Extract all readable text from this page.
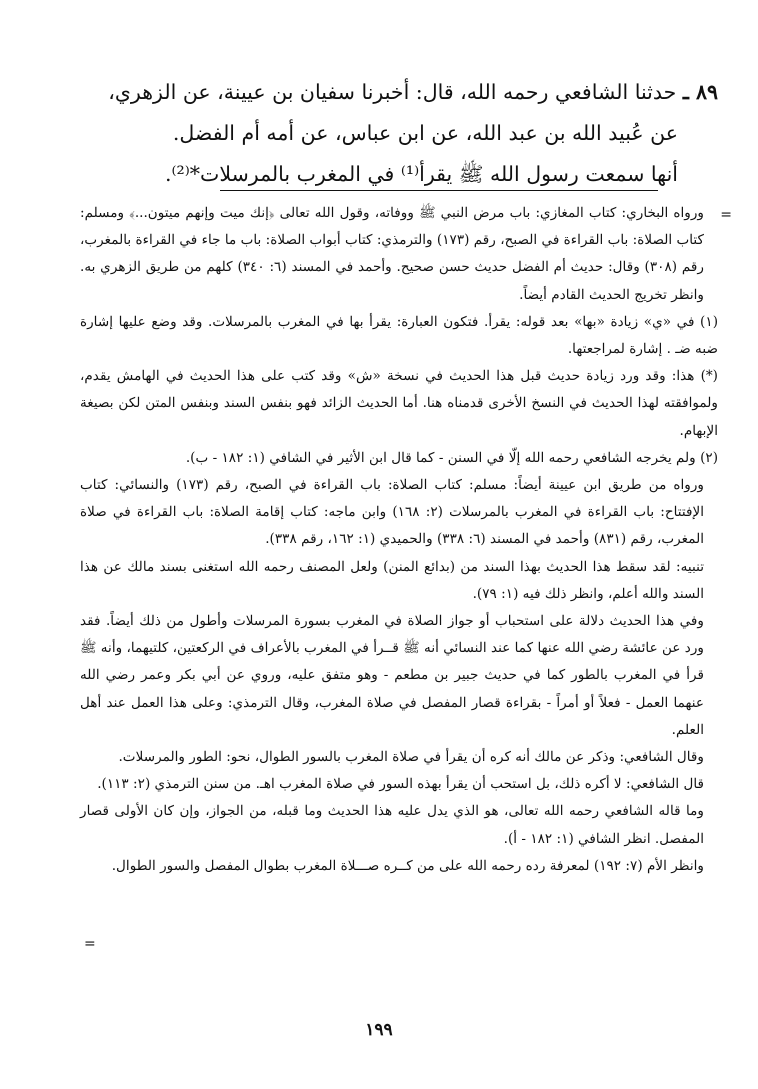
٨٩ ـ حدثنا الشافعي رحمه الله، قال: أخبرنا سفيان بن عيينة، عن الزهري،
عن عُبيد الله بن عبد الله، عن ابن عباس، عن أمه أم الفضل.
أنها سمعت رسول الله ﷺ يقرأ⁽¹⁾ في المغرب بالمرسلات*⁽²⁾.

=

ورواه البخاري: كتاب المغازي: باب مرض النبي ﷺ ووفاته، وقول الله تعالى ﴿إنك ميت وإنهم ميتون...﴾ ومسلم: كتاب الصلاة: باب القراءة في الصبح، رقم (١٧٣) والترمذي: كتاب أبواب الصلاة: باب ما جاء في القراءة بالمغرب، رقم (٣٠٨) وقال: حديث أم الفضل حديث حسن صحيح. وأحمد في المسند (٦: ٣٤٠) كلهم من طريق الزهري به. وانظر تخريج الحديث القادم أيضاً.

(١) في «ي» زيادة «بها» بعد قوله: يقرأ. فتكون العبارة: يقرأ بها في المغرب بالمرسلات. وقد وضع عليها إشارة ضبه ضـ . إشارة لمراجعتها.

(*) هذا: وقد ورد زيادة حديث قبل هذا الحديث في نسخة «ش» وقد كتب على هذا الحديث في الهامش يقدم، ولموافقته لهذا الحديث في النسخ الأخرى قدمناه هنا. أما الحديث الزائد فهو بنفس السند وبنفس المتن لكن بصيغة الإبهام.

(٢) ولم يخرجه الشافعي رحمه الله إلّا في السنن - كما قال ابن الأثير في الشافي (١: ١٨٢ - ب).

ورواه من طريق ابن عيينة أيضاً: مسلم: كتاب الصلاة: باب القراءة في الصبح، رقم (١٧٣) والنسائي: كتاب الإفتتاح: باب القراءة في المغرب بالمرسلات (٢: ١٦٨) وابن ماجه: كتاب إقامة الصلاة: باب القراءة في صلاة المغرب، رقم (٨٣١) وأحمد في المسند (٦: ٣٣٨) والحميدي (١: ١٦٢، رقم ٣٣٨).

تنبيه: لقد سقط هذا الحديث بهذا السند من (بدائع المنن) ولعل المصنف رحمه الله استغنى بسند مالك عن هذا السند والله أعلم، وانظر ذلك فيه (١: ٧٩).

وفي هذا الحديث دلالة على استحباب أو جواز الصلاة في المغرب بسورة المرسلات وأطول من ذلك أيضاً. فقد ورد عن عائشة رضي الله عنها كما عند النسائي أنه ﷺ قــرأ في المغرب بالأعراف في الركعتين، كلتيهما، وأنه ﷺ قرأ في المغرب بالطور كما في حديث جبير بن مطعم - وهو متفق عليه، وروي عن أبي بكر وعمر رضي الله عنهما العمل - فعلاً أو أمراً - بقراءة قصار المفصل في صلاة المغرب، وقال الترمذي: وعلى هذا العمل عند أهل العلم.

وقال الشافعي: وذكر عن مالك أنه كره أن يقرأ في صلاة المغرب بالسور الطوال، نحو: الطور والمرسلات.

قال الشافعي: لا أكره ذلك، بل استحب أن يقرأ بهذه السور في صلاة المغرب اهـ. من سنن الترمذي (٢: ١١٣).

وما قاله الشافعي رحمه الله تعالى، هو الذي يدل عليه هذا الحديث وما قبله، من الجواز، وإن كان الأولى قصار المفصل. انظر الشافي (١: ١٨٢ - أ).

وانظر الأم (٧: ١٩٢) لمعرفة رده رحمه الله على من كــره صـــلاة المغرب بطوال المفصل والسور الطوال.

=
١٩٩
